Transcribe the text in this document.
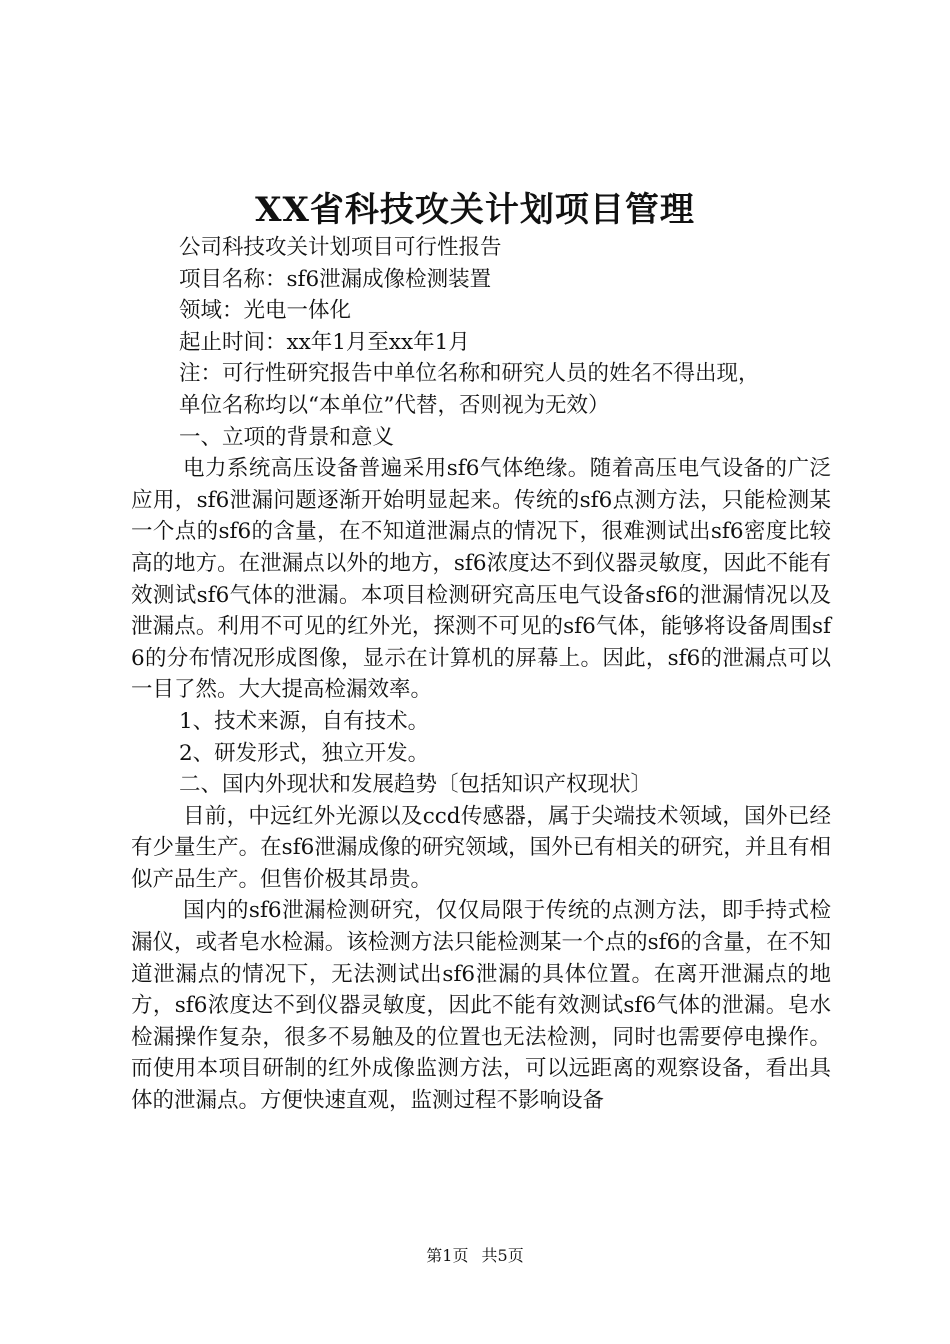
XX省科技攻关计划项目管理

公司科技攻关计划项目可行性报告

项目名称：sf6泄漏成像检测装置

领域：光电一体化

起止时间：xx年1月至xx年1月

注：可行性研究报告中单位名称和研究人员的姓名不得出现，

单位名称均以“本单位”代替，否则视为无效）

一、立项的背景和意义

电力系统高压设备普遍采用sf6气体绝缘。随着高压电气设备的广泛应用，sf6泄漏问题逐渐开始明显起来。传统的sf6点测方法，只能检测某一个点的sf6的含量，在不知道泄漏点的情况下，很难测试出sf6密度比较高的地方。在泄漏点以外的地方，sf6浓度达不到仪器灵敏度，因此不能有效测试sf6气体的泄漏。本项目检测研究高压电气设备sf6的泄漏情况以及泄漏点。利用不可见的红外光，探测不可见的sf6气体，能够将设备周围sf6的分布情况形成图像，显示在计算机的屏幕上。因此，sf6的泄漏点可以一目了然。大大提高检漏效率。

1、技术来源，自有技术。

2、研发形式，独立开发。

二、国内外现状和发展趋势〔包括知识产权现状〕

目前，中远红外光源以及ccd传感器，属于尖端技术领域，国外已经有少量生产。在sf6泄漏成像的研究领域，国外已有相关的研究，并且有相似产品生产。但售价极其昂贵。

国内的sf6泄漏检测研究，仅仅局限于传统的点测方法，即手持式检漏仪，或者皂水检漏。该检测方法只能检测某一个点的sf6的含量，在不知道泄漏点的情况下，无法测试出sf6泄漏的具体位置。在离开泄漏点的地方，sf6浓度达不到仪器灵敏度，因此不能有效测试sf6气体的泄漏。皂水检漏操作复杂，很多不易触及的位置也无法检测，同时也需要停电操作。而使用本项目研制的红外成像监测方法，可以远距离的观察设备，看出具体的泄漏点。方便快速直观，监测过程不影响设备

第1页 共5页
